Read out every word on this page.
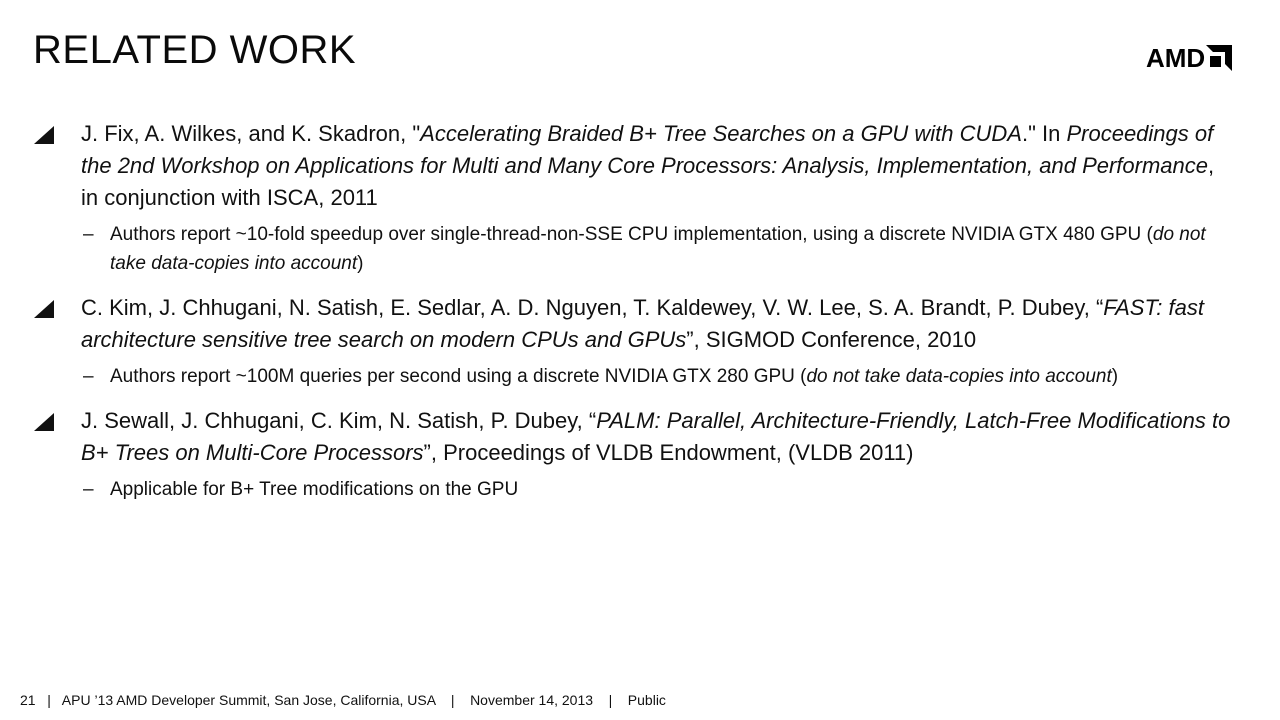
RELATED WORK	AMD
J. Fix, A. Wilkes, and K. Skadron, "Accelerating Braided B+ Tree Searches on a GPU with CUDA." In Proceedings of the 2nd Workshop on Applications for Multi and Many Core Processors: Analysis, Implementation, and Performance, in conjunction with ISCA, 2011
– Authors report ~10-fold speedup over single-thread-non-SSE CPU implementation, using a discrete NVIDIA GTX 480 GPU (do not take data-copies into account)
C. Kim, J. Chhugani, N. Satish, E. Sedlar, A. D. Nguyen, T. Kaldewey, V. W. Lee, S. A. Brandt, P. Dubey, “FAST: fast architecture sensitive tree search on modern CPUs and GPUs”, SIGMOD Conference, 2010
– Authors report ~100M queries per second using a discrete NVIDIA GTX 280 GPU (do not take data-copies into account)
J. Sewall, J. Chhugani, C. Kim, N. Satish, P. Dubey, “PALM: Parallel, Architecture-Friendly, Latch-Free Modifications to B+ Trees on Multi-Core Processors”, Proceedings of VLDB Endowment, (VLDB 2011)
– Applicable for B+ Tree modifications on the GPU
21 | APU ’13 AMD Developer Summit, San Jose, California, USA | November 14, 2013 | Public
